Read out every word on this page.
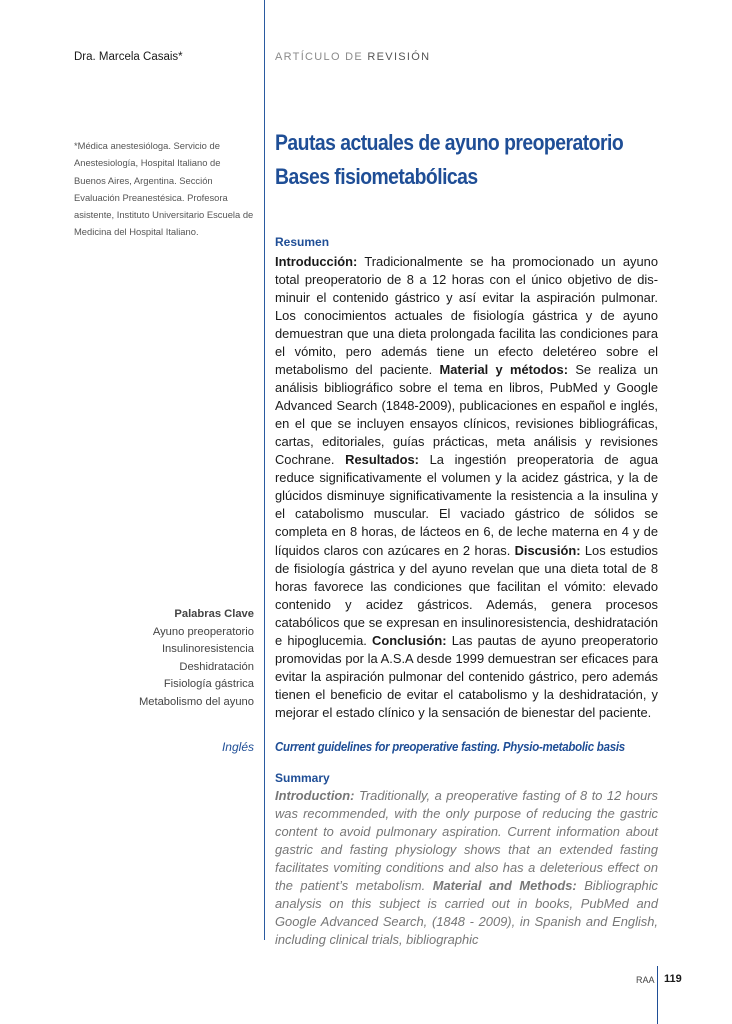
Dra. Marcela Casais*	ARTÍCULO DE REVISIÓN
*Médica anestesióloga. Servicio de Anestesiología, Hospital Italiano de Buenos Aires, Argentina. Sección Evaluación Preanestésica. Profesora asistente, Instituto Universitario Escuela de Medicina del Hospital Italiano.
Pautas actuales de ayuno preoperatorio
Bases fisiometabólicas
Resumen
Introducción: Tradicionalmente se ha promocionado un ayuno total preoperatorio de 8 a 12 horas con el único objetivo de disminuir el contenido gástrico y así evitar la aspiración pulmonar. Los conocimientos actuales de fisiología gástrica y de ayuno demuestran que una dieta prolongada facilita las condiciones para el vómito, pero además tiene un efecto deletéreo sobre el metabolismo del paciente. Material y métodos: Se realiza un análisis bibliográfico sobre el tema en libros, PubMed y Google Advanced Search (1848-2009), publicaciones en español e inglés, en el que se incluyen ensayos clínicos, revisiones bibliográficas, cartas, editoriales, guías prácticas, meta análisis y revisiones Cochrane. Resultados: La ingestión preoperatoria de agua reduce significativamente el volumen y la acidez gástrica, y la de glúcidos disminuye significativamente la resistencia a la insulina y el catabolismo muscular. El vaciado gástrico de sólidos se completa en 8 horas, de lácteos en 6, de leche materna en 4 y de líquidos claros con azúcares en 2 horas. Discusión: Los estudios de fisiología gástrica y del ayuno revelan que una dieta total de 8 horas favorece las condiciones que facilitan el vómito: elevado contenido y acidez gástricos. Además, genera procesos catabólicos que se expresan en insulinoresistencia, deshidratación e hipoglucemia. Conclusión: Las pautas de ayuno preoperatorio promovidas por la A.S.A desde 1999 demuestran ser eficaces para evitar la aspiración pulmonar del contenido gástrico, pero además tienen el beneficio de evitar el catabolismo y la deshidratación, y mejorar el estado clínico y la sensación de bienestar del paciente.
Palabras Clave
Ayuno preoperatorio
Insulinoresistencia
Deshidratación
Fisiología gástrica
Metabolismo del ayuno
Inglés Current guidelines for preoperative fasting. Physio-metabolic basis
Summary
Introduction: Traditionally, a preoperative fasting of 8 to 12 hours was recommended, with the only purpose of reducing the gastric content to avoid pulmonary aspiration. Current information about gastric and fasting physiology shows that an extended fasting facilitates vomiting conditions and also has a deleterious effect on the patient’s metabolism. Material and Methods: Bibliographic analysis on this subject is carried out in books, PubMed and Google Advanced Search, (1848 - 2009), in Spanish and English, including clinical trials, bibliographic
RAA 119
